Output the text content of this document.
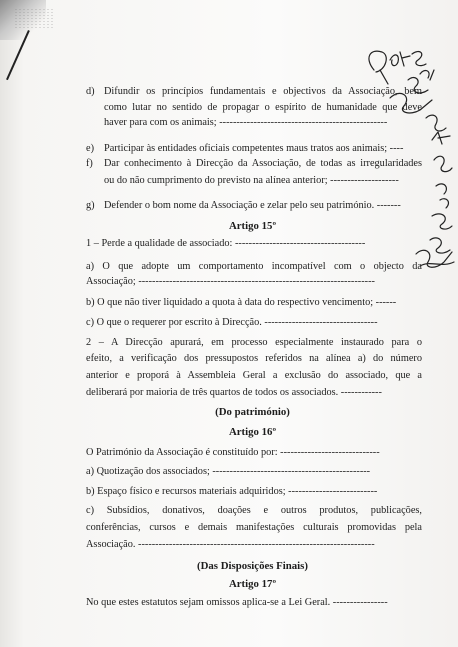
d) Difundir os princípios fundamentais e objectivos da Associação, bem
como lutar no sentido de propagar o espírito de humanidade que deve
haver para com os animais; -------------------------------------------------
e) Participar às entidades oficiais competentes maus tratos aos animais; ----
f) Dar conhecimento à Direcção da Associação, de todas as irregularidades
ou do não cumprimento do previsto na alínea anterior; --------------------
g) Defender o bom nome da Associação e zelar pelo seu património. -------
Artigo 15º
1 – Perde a qualidade de associado: --------------------------------------
a) O que adopte um comportamento incompatível com o objecto da
Associação; ---------------------------------------------------------------------
b) O que não tiver liquidado a quota à data do respectivo vencimento; ------
c) O que o requerer por escrito à Direcção. ---------------------------------
2 – A Direcção apurará, em processo especialmente instaurado para o
efeito, a verificação dos pressupostos referidos na alínea a) do número
anterior e proporá à Assembleia Geral a exclusão do associado, que a
deliberará por maioria de três quartos de todos os associados. ------------
(Do património)
Artigo 16º
O Património da Associação é constituído por: -----------------------------
a) Quotização dos associados; ----------------------------------------------
b) Espaço físico e recursos materiais adquiridos; --------------------------
c) Subsídios, donativos, doações e outros produtos, publicações,
conferências, cursos e demais manifestações culturais promovidas pela
Associação. ---------------------------------------------------------------------
(Das Disposições Finais)
Artigo 17º
No que estes estatutos sejam omissos aplica-se a Lei Geral. ----------------
